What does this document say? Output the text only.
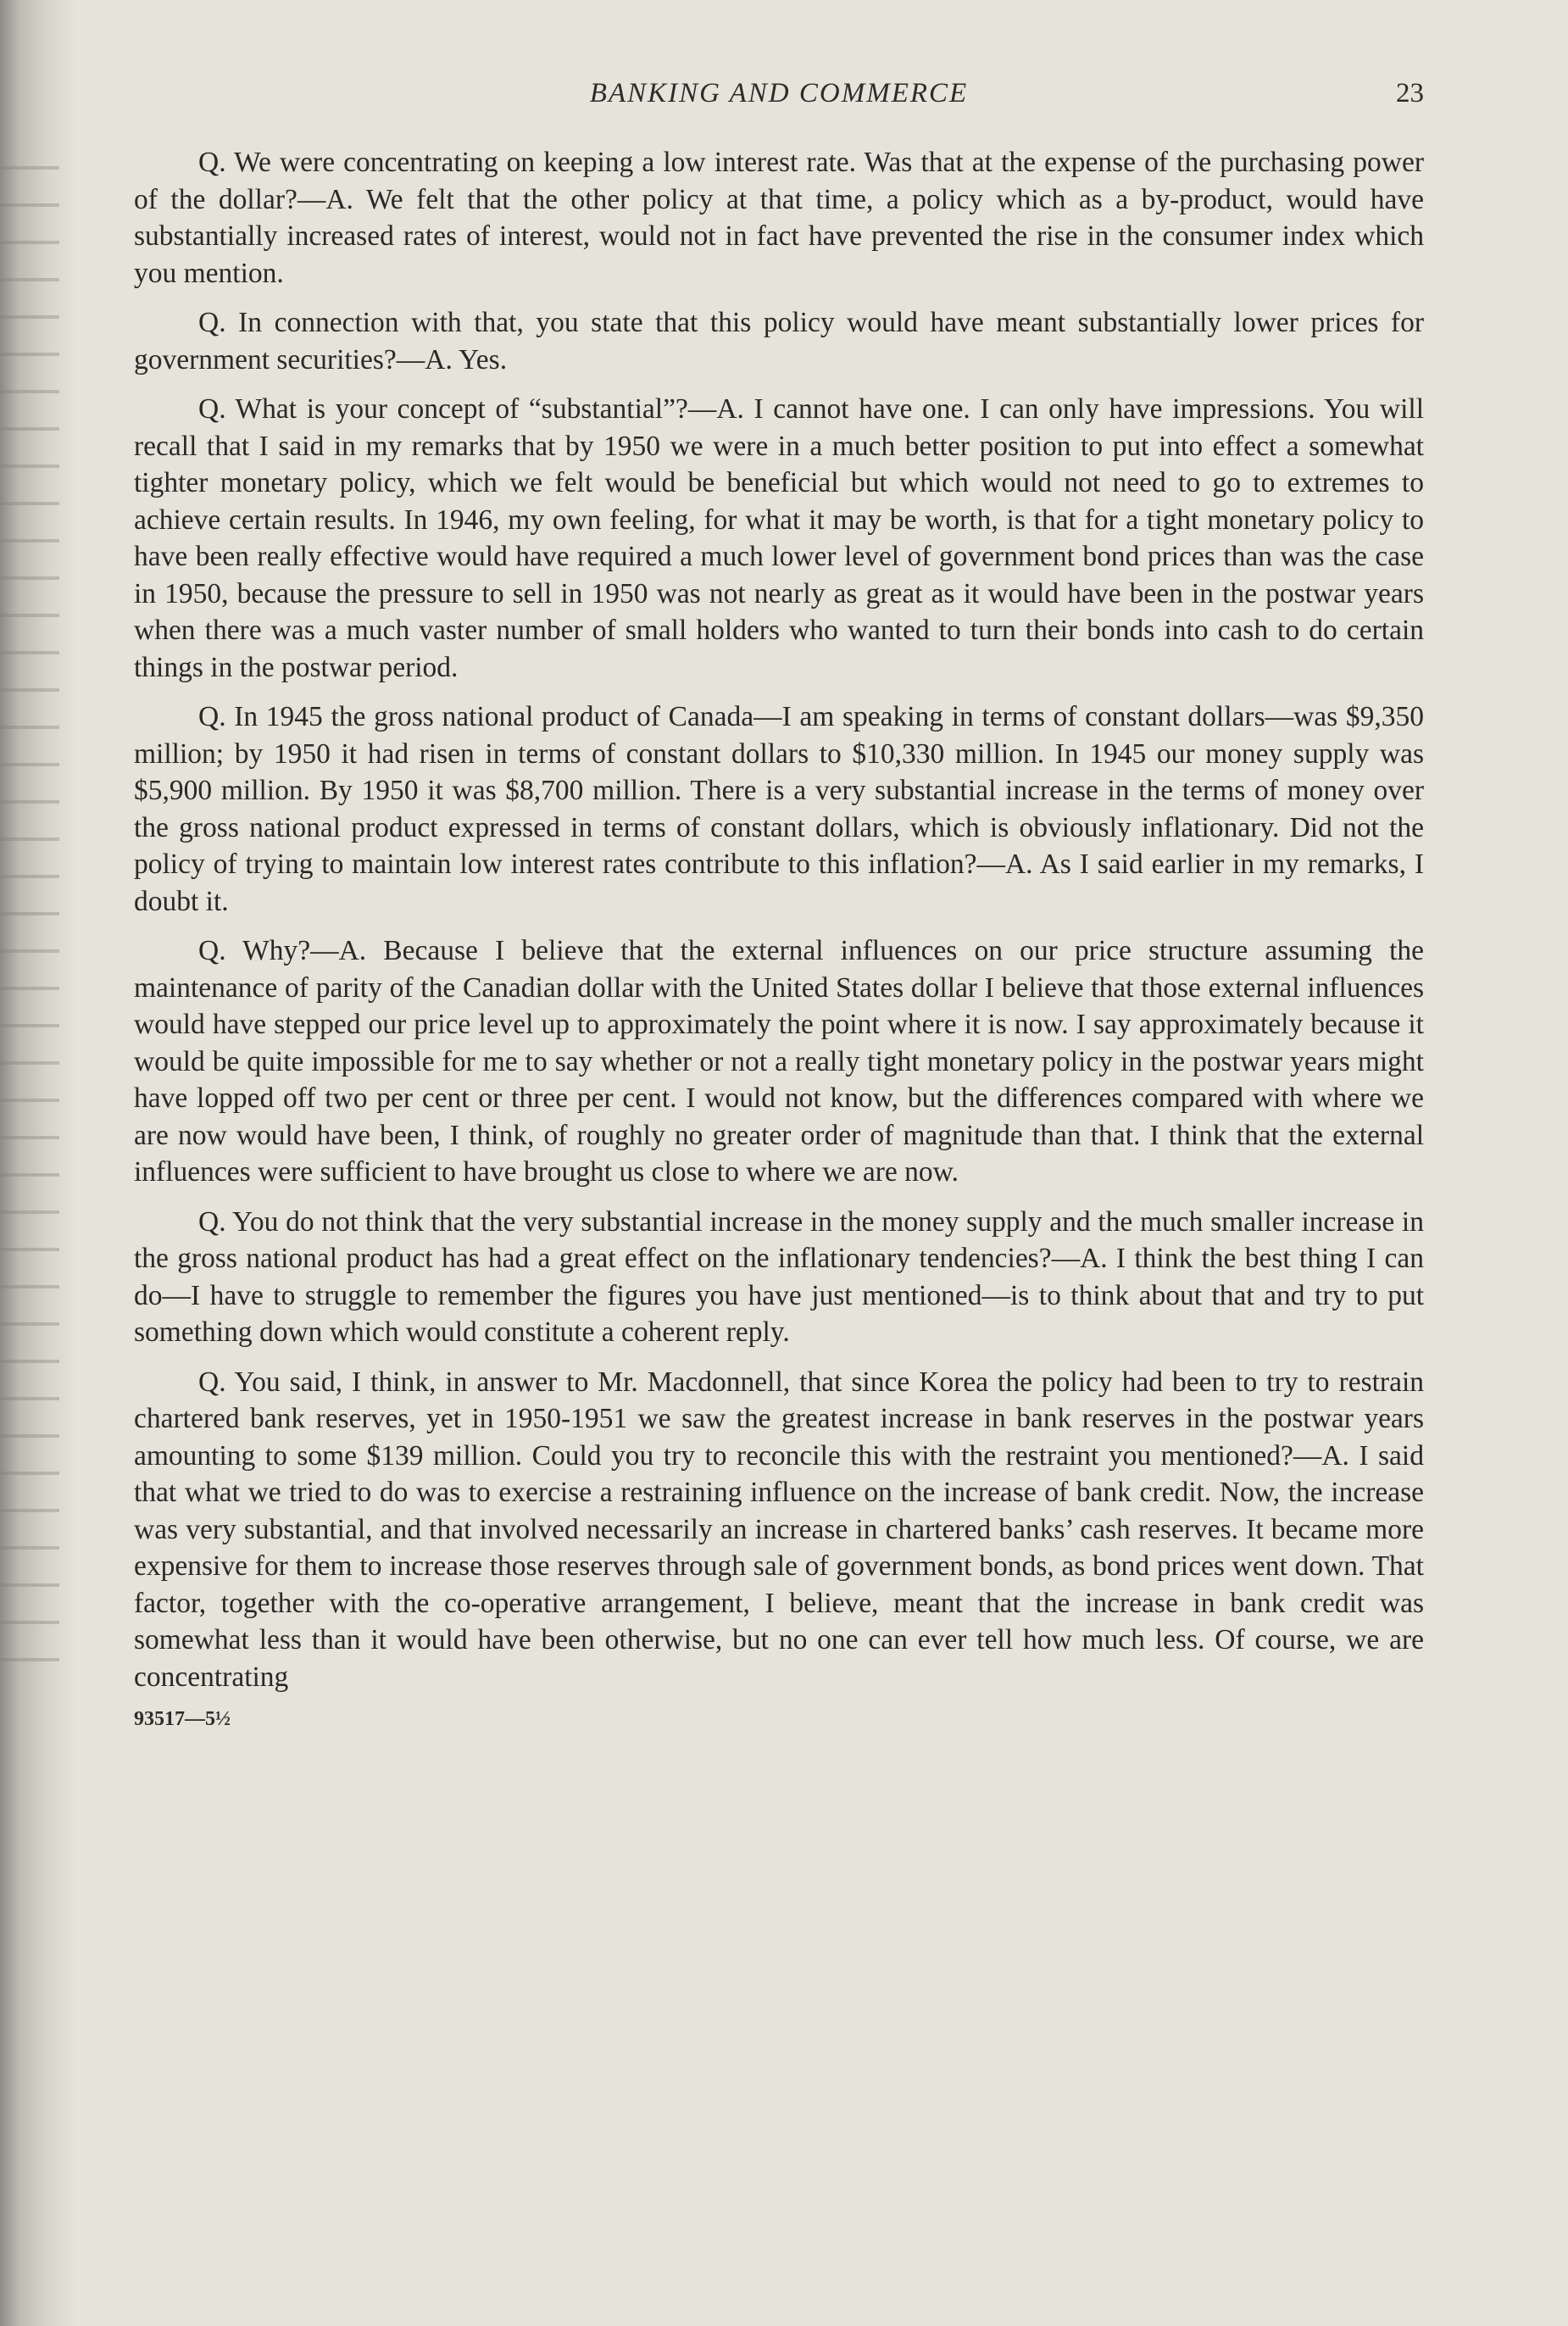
BANKING AND COMMERCE	23

Q. We were concentrating on keeping a low interest rate. Was that at the expense of the purchasing power of the dollar?—A. We felt that the other policy at that time, a policy which as a by-product, would have substantially increased rates of interest, would not in fact have prevented the rise in the consumer index which you mention.

Q. In connection with that, you state that this policy would have meant substantially lower prices for government securities?—A. Yes.

Q. What is your concept of “substantial”?—A. I cannot have one. I can only have impressions. You will recall that I said in my remarks that by 1950 we were in a much better position to put into effect a somewhat tighter monetary policy, which we felt would be beneficial but which would not need to go to extremes to achieve certain results. In 1946, my own feeling, for what it may be worth, is that for a tight monetary policy to have been really effective would have required a much lower level of government bond prices than was the case in 1950, because the pressure to sell in 1950 was not nearly as great as it would have been in the postwar years when there was a much vaster number of small holders who wanted to turn their bonds into cash to do certain things in the postwar period.

Q. In 1945 the gross national product of Canada—I am speaking in terms of constant dollars—was $9,350 million; by 1950 it had risen in terms of constant dollars to $10,330 million. In 1945 our money supply was $5,900 million. By 1950 it was $8,700 million. There is a very substantial increase in the terms of money over the gross national product expressed in terms of constant dollars, which is obviously inflationary. Did not the policy of trying to maintain low interest rates contribute to this inflation?—A. As I said earlier in my remarks, I doubt it.

Q. Why?—A. Because I believe that the external influences on our price structure assuming the maintenance of parity of the Canadian dollar with the United States dollar I believe that those external influences would have stepped our price level up to approximately the point where it is now. I say approximately because it would be quite impossible for me to say whether or not a really tight monetary policy in the postwar years might have lopped off two per cent or three per cent. I would not know, but the differences compared with where we are now would have been, I think, of roughly no greater order of magnitude than that. I think that the external influences were sufficient to have brought us close to where we are now.

Q. You do not think that the very substantial increase in the money supply and the much smaller increase in the gross national product has had a great effect on the inflationary tendencies?—A. I think the best thing I can do—I have to struggle to remember the figures you have just mentioned—is to think about that and try to put something down which would constitute a coherent reply.

Q. You said, I think, in answer to Mr. Macdonnell, that since Korea the policy had been to try to restrain chartered bank reserves, yet in 1950-1951 we saw the greatest increase in bank reserves in the postwar years amounting to some $139 million. Could you try to reconcile this with the restraint you mentioned?—A. I said that what we tried to do was to exercise a restraining influence on the increase of bank credit. Now, the increase was very substantial, and that involved necessarily an increase in chartered banks’ cash reserves. It became more expensive for them to increase those reserves through sale of government bonds, as bond prices went down. That factor, together with the co-operative arrangement, I believe, meant that the increase in bank credit was somewhat less than it would have been otherwise, but no one can ever tell how much less. Of course, we are concentrating

93517—5½
